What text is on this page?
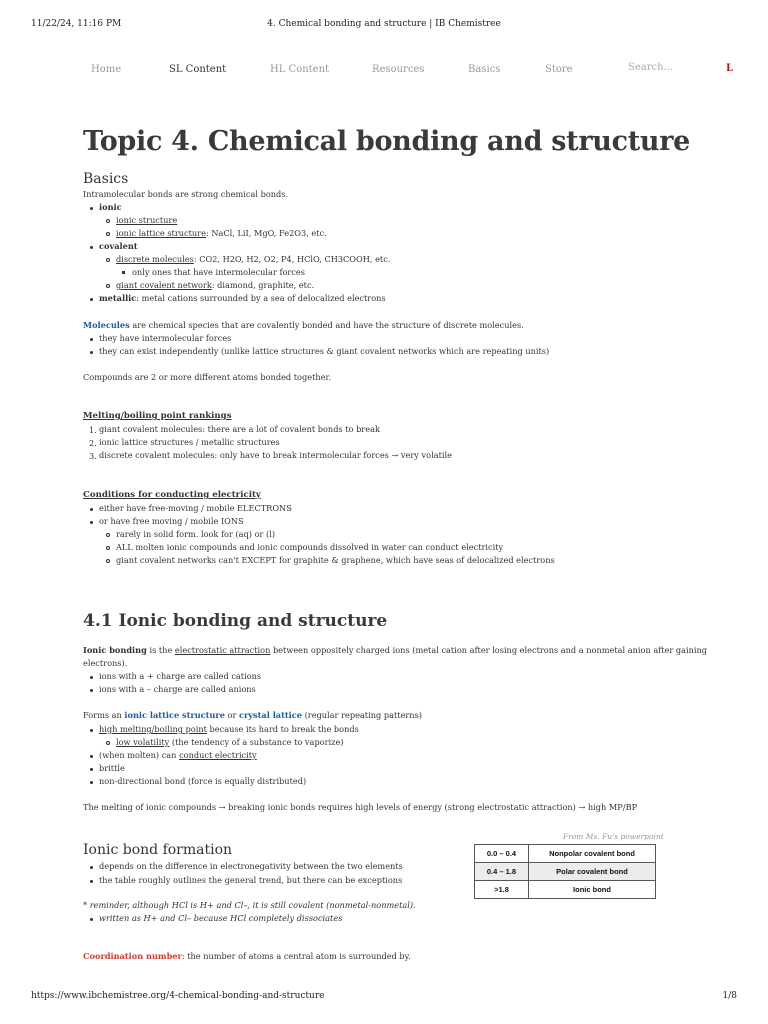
11/22/24, 11:16 PM	4. Chemical bonding and structure | IB Chemistree
Home	SL Content	HL Content	Resources	Basics	Store	Search...	L
Topic 4. Chemical bonding and structure
Basics
Intramolecular bonds are strong chemical bonds.
ionic
ionic structure
ionic lattice structure: NaCl, LiI, MgO, Fe2O3, etc.
covalent
discrete molecules: CO2, H2O, H2, O2, P4, HClO, CH3COOH, etc.
only ones that have intermolecular forces
giant covalent network: diamond, graphite, etc.
metallic: metal cations surrounded by a sea of delocalized electrons
Molecules are chemical species that are covalently bonded and have the structure of discrete molecules.
they have intermolecular forces
they can exist independently (unlike lattice structures & giant covalent networks which are repeating units)
Compounds are 2 or more different atoms bonded together.
Melting/boiling point rankings
1. giant covalent molecules: there are a lot of covalent bonds to break
2. ionic lattice structures / metallic structures
3. discrete covalent molecules: only have to break intermolecular forces → very volatile
Conditions for conducting electricity
either have free-moving / mobile ELECTRONS
or have free moving / mobile IONS
rarely in solid form. look for (aq) or (l)
ALL molten ionic compounds and ionic compounds dissolved in water can conduct electricity
giant covalent networks can't EXCEPT for graphite & graphene, which have seas of delocalized electrons
4.1 Ionic bonding and structure
Ionic bonding is the electrostatic attraction between oppositely charged ions (metal cation after losing electrons and a nonmetal anion after gaining
electrons).
ions with a + charge are called cations
ions with a – charge are called anions
Forms an ionic lattice structure or crystal lattice (regular repeating patterns)
high melting/boiling point because its hard to break the bonds
low volatility (the tendency of a substance to vaporize)
(when molten) can conduct electricity
brittle
non-directional bond (force is equally distributed)
The melting of ionic compounds → breaking ionic bonds requires high levels of energy (strong electrostatic attraction) → high MP/BP
Ionic bond formation
depends on the difference in electronegativity between the two elements
the table roughly outlines the general trend, but there can be exceptions
* reminder, although HCl is H+ and Cl–, it is still covalent (nonmetal-nonmetal).
written as H+ and Cl– because HCl completely dissociates
From Ms. Fu's powerpoint
0.0 – 0.4	Nonpolar covalent bond
0.4 – 1.8	Polar covalent bond
>1.8	Ionic bond
Coordination number: the number of atoms a central atom is surrounded by.
https://www.ibchemistree.org/4-chemical-bonding-and-structure	1/8
